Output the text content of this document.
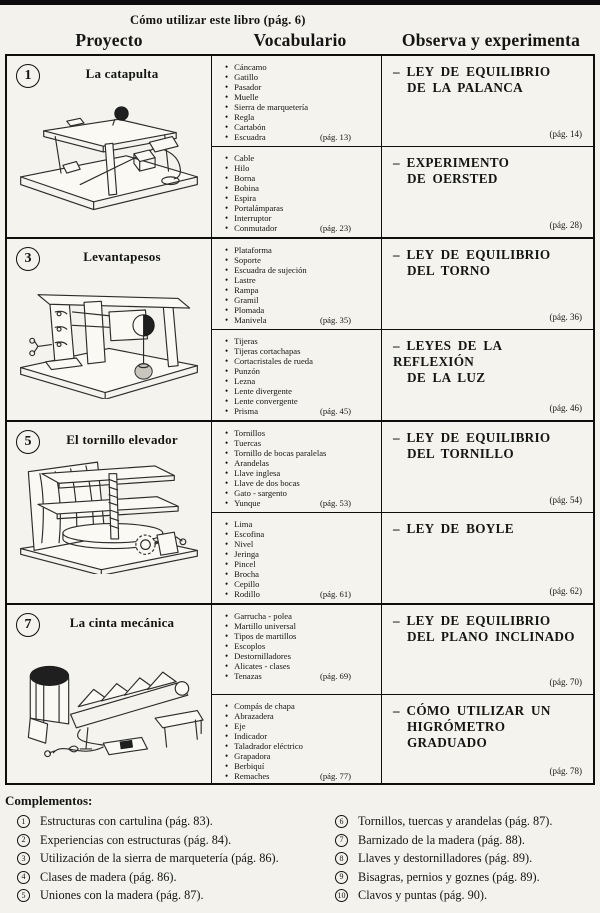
Cómo utilizar este libro (pág. 6)
Proyecto	Vocabulario	Observa y experimenta
1	La catapulta	• Cáncamo
• Gatillo
• Pasador
• Muelle
• Sierra de marquetería
• Regla
• Cartabón
• Escuadra	(pág. 13)
– LEY DE EQUILIBRIO
DE LA PALANCA
(pág. 14)
• Cable
• Hilo
• Borna
• Bobina
• Espira
• Portalámparas
• Interruptor
• Conmutador	(pág. 23)
– EXPERIMENTO
DE OERSTED
(pág. 28)
3	Levantapesos	• Plataforma
• Soporte
• Escuadra de sujeción
• Lastre
• Rampa
• Gramil
• Plomada
• Manivela	(pág. 35)
– LEY DE EQUILIBRIO
DEL TORNO
(pág. 36)
• Tijeras
• Tijeras cortachapas
• Cortacristales de rueda
• Punzón
• Lezna
• Lente divergente
• Lente convergente
• Prisma	(pág. 45)
– LEYES DE LA REFLEXIÓN
DE LA LUZ
(pág. 46)
5	El tornillo elevador	• Tornillos
• Tuercas
• Tornillo de bocas paralelas
• Arandelas
• Llave inglesa
• Llave de dos bocas
• Gato - sargento
• Yunque	(pág. 53)
– LEY DE EQUILIBRIO
DEL TORNILLO
(pág. 54)
• Lima
• Escofina
• Nivel
• Jeringa
• Pincel
• Brocha
• Cepillo
• Rodillo	(pág. 61)
– LEY DE BOYLE
(pág. 62)
7	La cinta mecánica	• Garrucha - polea
• Martillo universal
• Tipos de martillos
• Escoplos
• Destornilladores
• Alicates - clases
• Tenazas	(pág. 69)
– LEY DE EQUILIBRIO
DEL PLANO INCLINADO
(pág. 70)
• Compás de chapa
• Abrazadera
• Eje
• Indicador
• Taladrador eléctrico
• Grapadora
• Berbiquí
• Remaches	(pág. 77)
– CÓMO UTILIZAR UN
HIGRÓMETRO GRADUADO
(pág. 78)
Complementos:
1	Estructuras con cartulina (pág. 83).
2	Experiencias con estructuras (pág. 84).
3	Utilización de la sierra de marquetería (pág. 86).
4	Clases de madera (pág. 86).
5	Uniones con la madera (pág. 87).
6	Tornillos, tuercas y arandelas (pág. 87).
7	Barnizado de la madera (pág. 88).
8	Llaves y destornilladores (pág. 89).
9	Bisagras, pernios y goznes (pág. 89).
10 Clavos y puntas (pág. 90).
